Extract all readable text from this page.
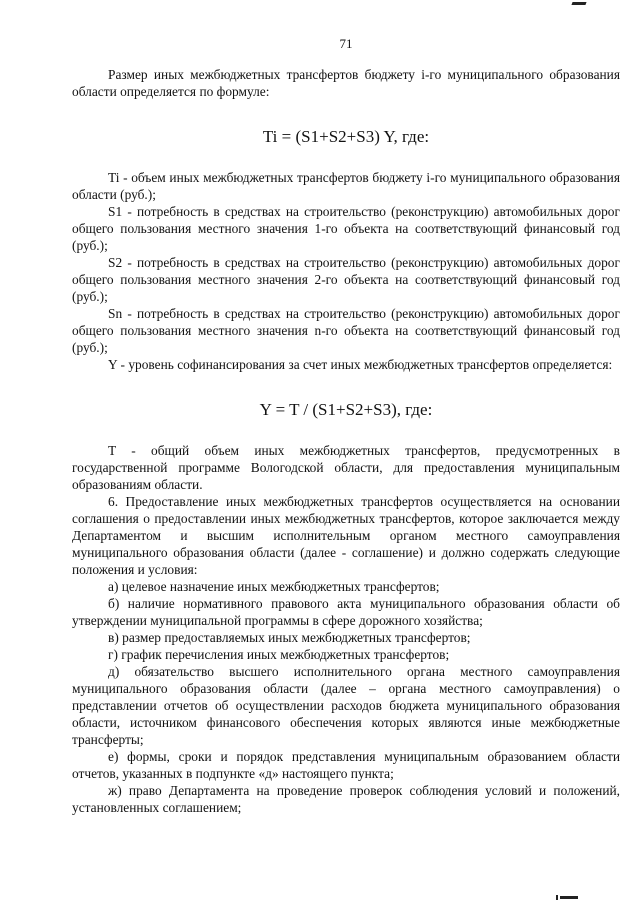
71

Размер иных межбюджетных трансфертов бюджету i-го муниципального образования области определяется по формуле:

Ti = (S1+S2+S3) Y, где:

Ti - объем иных межбюджетных трансфертов бюджету i-го муниципального образования области (руб.);

S1 - потребность в средствах на строительство (реконструкцию) автомобильных дорог общего пользования местного значения 1-го объекта на соответствующий финансовый год (руб.);

S2 - потребность в средствах на строительство (реконструкцию) автомобильных дорог общего пользования местного значения 2-го объекта на соответствующий финансовый год (руб.);

Sn - потребность в средствах на строительство (реконструкцию) автомобильных дорог общего пользования местного значения n-го объекта на соответствующий финансовый год (руб.);

Y - уровень софинансирования за счет иных межбюджетных трансфертов определяется:

Y = T / (S1+S2+S3), где:

T - общий объем иных межбюджетных трансфертов, предусмотренных в государственной программе Вологодской области, для предоставления муниципальным образованиям области.

6. Предоставление иных межбюджетных трансфертов осуществляется на основании соглашения о предоставлении иных межбюджетных трансфертов, которое заключается между Департаментом и высшим исполнительным органом местного самоуправления муниципального образования области (далее - соглашение) и должно содержать следующие положения и условия:

а) целевое назначение иных межбюджетных трансфертов;

б) наличие нормативного правового акта муниципального образования области об утверждении муниципальной программы в сфере дорожного хозяйства;

в) размер предоставляемых иных межбюджетных трансфертов;

г) график перечисления иных межбюджетных трансфертов;

д) обязательство высшего исполнительного органа местного самоуправления муниципального образования области (далее – органа местного самоуправления) о представлении отчетов об осуществлении расходов бюджета муниципального образования области, источником финансового обеспечения которых являются иные межбюджетные трансферты;

е) формы, сроки и порядок представления муниципальным образованием области отчетов, указанных в подпункте «д» настоящего пункта;

ж) право Департамента на проведение проверок соблюдения условий и положений, установленных соглашением;
